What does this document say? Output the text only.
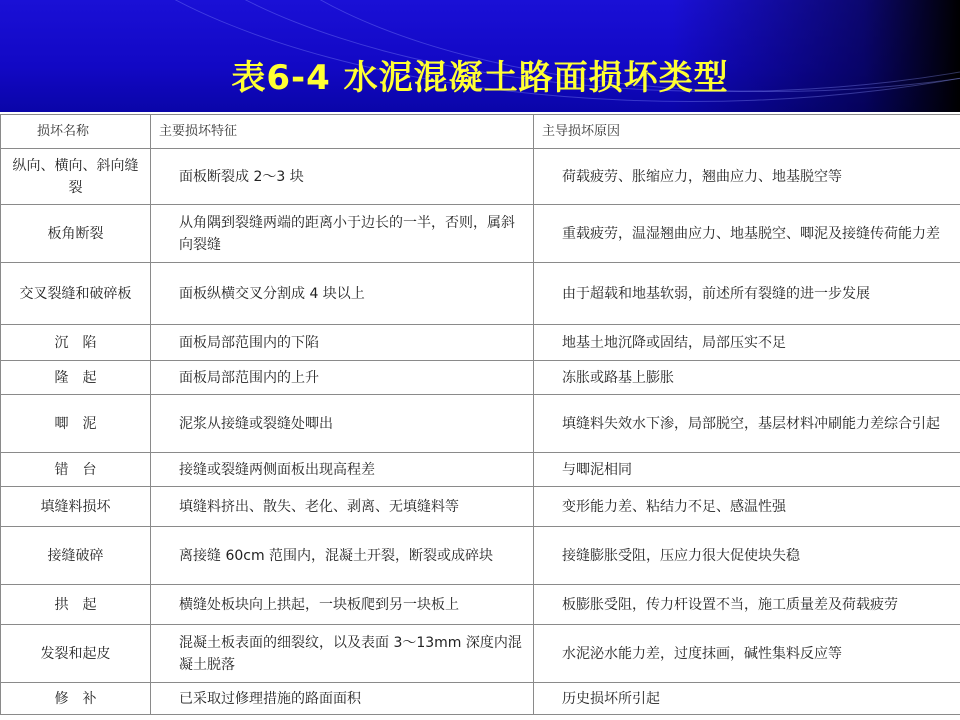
表6-4 水泥混凝土路面损坏类型
损坏名称	主要损坏特征	主导损坏原因
纵向、横向、斜向缝裂	面板断裂成 2～3 块	荷载疲劳、胀缩应力，翘曲应力、地基脱空等
板角断裂	从角隅到裂缝两端的距离小于边长的一半，否则，属斜向裂缝	重载疲劳，温湿翘曲应力、地基脱空、唧泥及接缝传荷能力差
交叉裂缝和破碎板	面板纵横交叉分割成 4 块以上	由于超载和地基软弱，前述所有裂缝的进一步发展
沉　陷	面板局部范围内的下陷	地基土地沉降或固结，局部压实不足
隆　起	面板局部范围内的上升	冻胀或路基上膨胀
唧　泥	泥浆从接缝或裂缝处唧出	填缝料失效水下渗，局部脱空，基层材料冲刷能力差综合引起
错　台	接缝或裂缝两侧面板出现高程差	与唧泥相同
填缝料损坏	填缝料挤出、散失、老化、剥离、无填缝料等	变形能力差、粘结力不足、感温性强
接缝破碎	离接缝 60cm 范围内，混凝土开裂，断裂或成碎块	接缝膨胀受阻，压应力很大促使块失稳
拱　起	横缝处板块向上拱起，一块板爬到另一块板上	板膨胀受阻，传力杆设置不当，施工质量差及荷载疲劳
发裂和起皮	混凝土板表面的细裂纹，以及表面 3～13mm 深度内混凝土脱落	水泥泌水能力差，过度抹画，碱性集料反应等
修　补	已采取过修理措施的路面面积	历史损坏所引起
